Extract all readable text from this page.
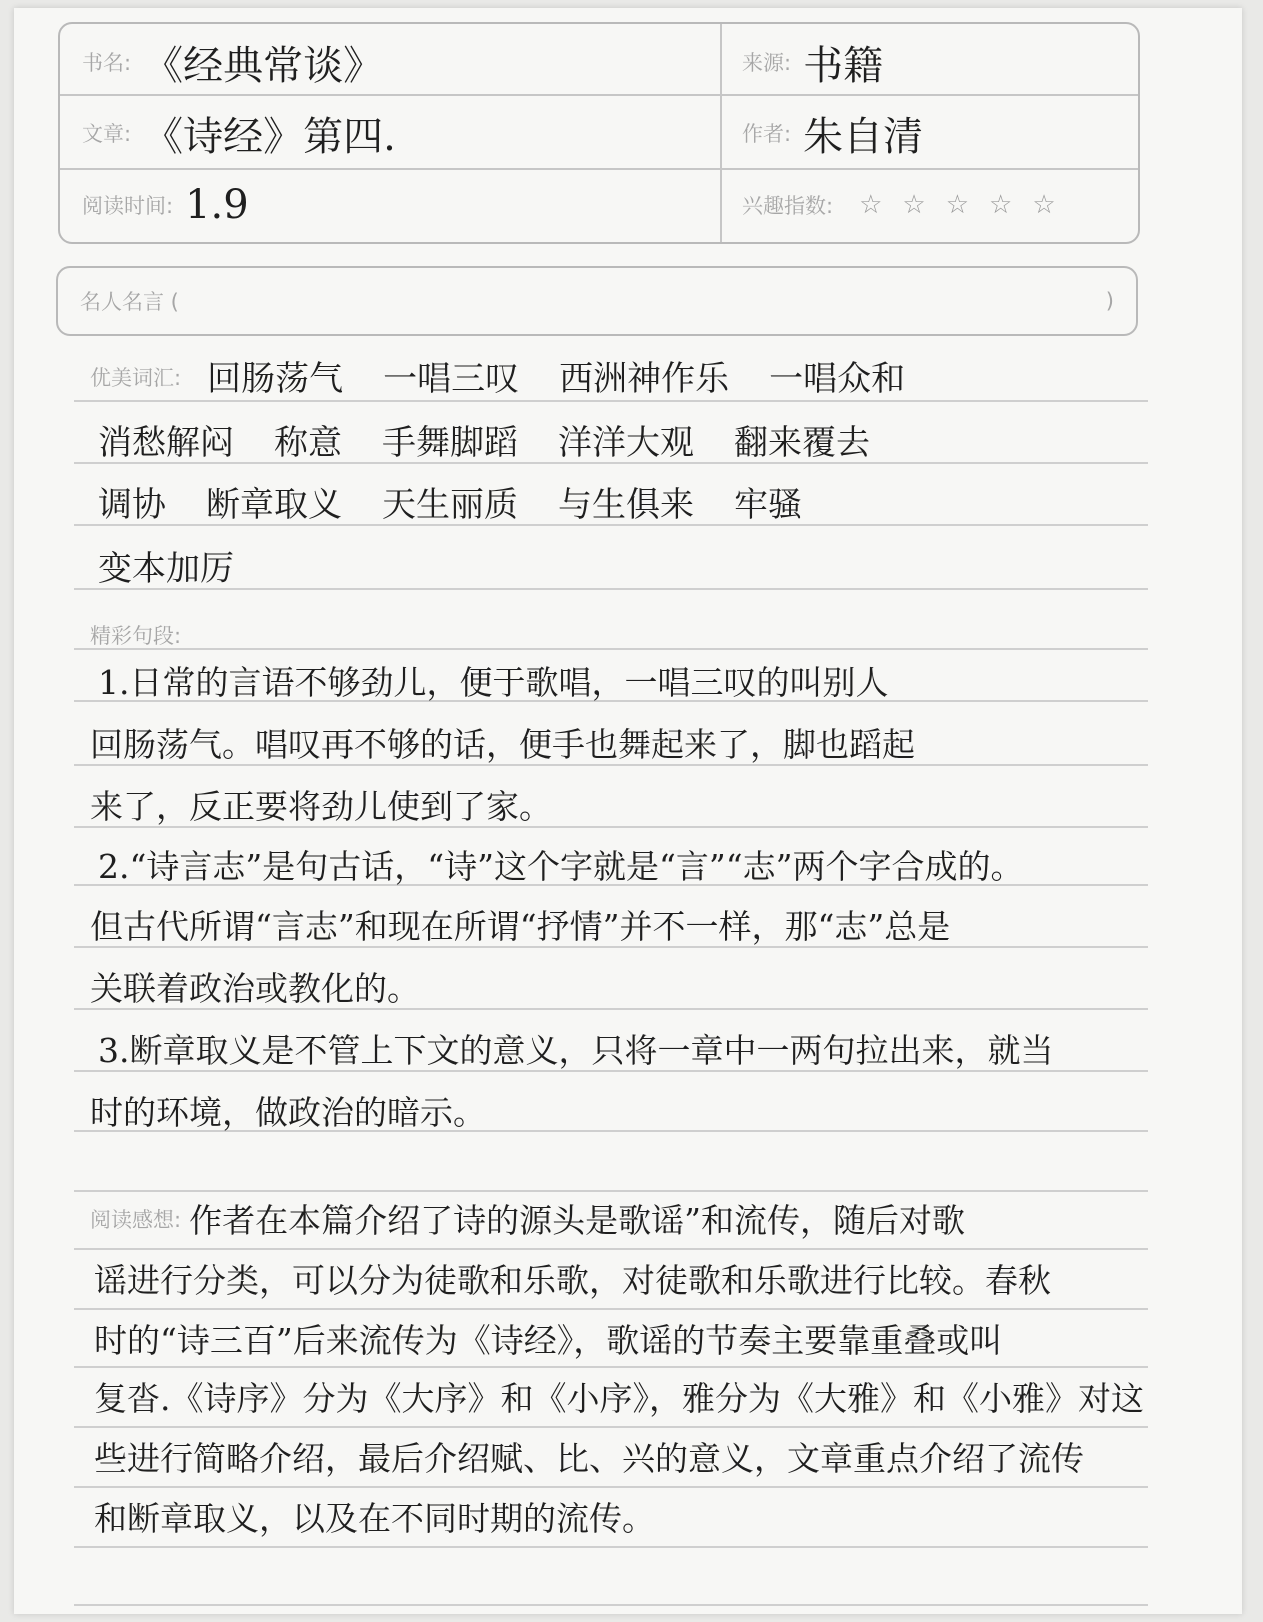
书名: 《经典常谈》	来源: 书籍
文章: 《诗经》第四.	作者: 朱自清
阅读时间: 1.9	兴趣指数: ☆ ☆ ☆ ☆ ☆
名人名言 (	)
优美词汇: 回肠荡气 一唱三叹 西洲神作乐 一唱众和
消愁解闷 称意 手舞脚蹈 洋洋大观 翻来覆去
调协 断章取义 天生丽质 与生俱来 牢骚
变本加厉
精彩句段:
1.日常的言语不够劲儿，便于歌唱，一唱三叹的叫别人
回肠荡气。唱叹再不够的话，便手也舞起来了，脚也蹈起
来了，反正要将劲儿使到了家。
2.“诗言志”是句古话，“诗”这个字就是“言”“志”两个字合成的。
但古代所谓“言志”和现在所谓“抒情”并不一样，那“志”总是
关联着政治或教化的。
3.断章取义是不管上下文的意义，只将一章中一两句拉出来，就当
时的环境，做政治的暗示。
阅读感想: 作者在本篇介绍了诗的源头是歌谣”和流传，随后对歌
谣进行分类，可以分为徒歌和乐歌，对徒歌和乐歌进行比较。春秋
时的“诗三百”后来流传为《诗经》，歌谣的节奏主要靠重叠或叫
复沓.《诗序》分为《大序》和《小序》，雅分为《大雅》和《小雅》对这
些进行简略介绍，最后介绍赋、比、兴的意义，文章重点介绍了流传
和断章取义，以及在不同时期的流传。
